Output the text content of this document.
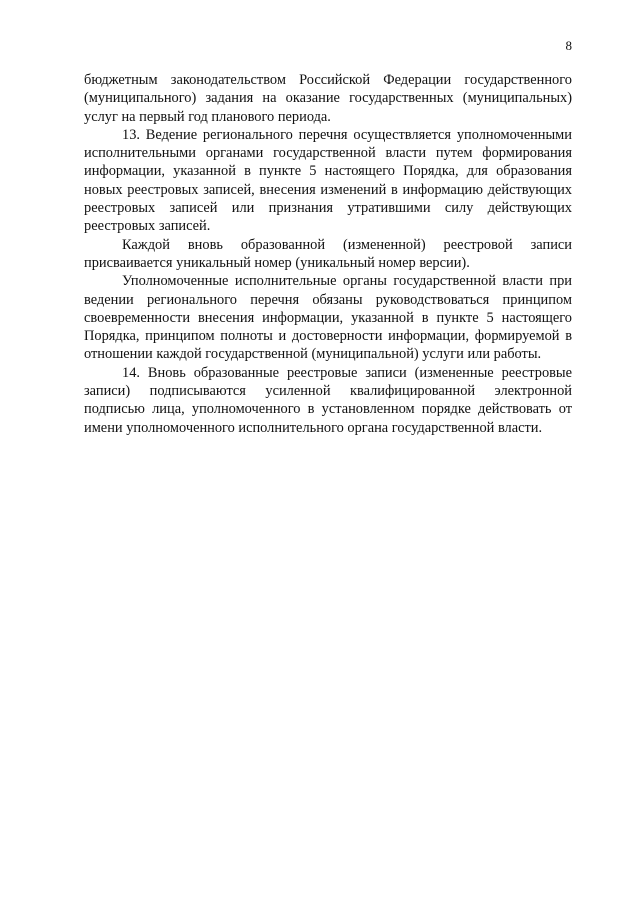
8

бюджетным законодательством Российской Федерации государственного (муниципального) задания на оказание государственных (муниципальных) услуг на первый год планового периода.

13. Ведение регионального перечня осуществляется уполномоченными исполнительными органами государственной власти путем формирования информации, указанной в пункте 5 настоящего Порядка, для образования новых реестровых записей, внесения изменений в информацию действующих реестровых записей или признания утратившими силу действующих реестровых записей.

Каждой вновь образованной (измененной) реестровой записи присваивается уникальный номер (уникальный номер версии).

Уполномоченные исполнительные органы государственной власти при ведении регионального перечня обязаны руководствоваться принципом своевременности внесения информации, указанной в пункте 5 настоящего Порядка, принципом полноты и достоверности информации, формируемой в отношении каждой государственной (муниципальной) услуги или работы.

14. Вновь образованные реестровые записи (измененные реестровые записи) подписываются усиленной квалифицированной электронной подписью лица, уполномоченного в установленном порядке действовать от имени уполномоченного исполнительного органа государственной власти.
